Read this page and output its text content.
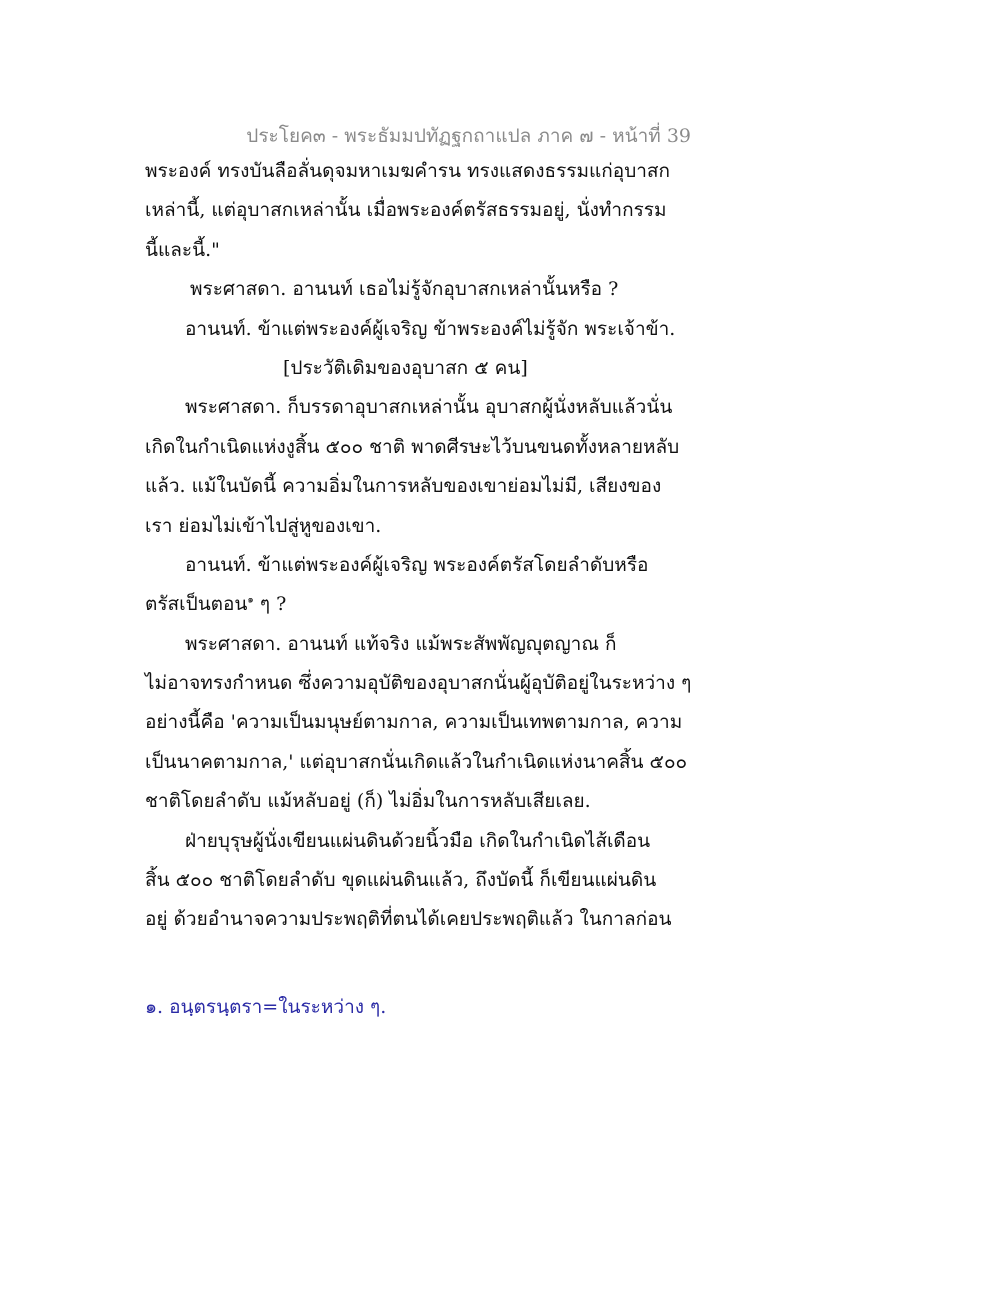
ประโยค๓ - พระธัมมปทัฏฐกถาแปล ภาค ๗ - หน้าที่ 39
พระองค์ ทรงบันลือลั่นดุจมหาเมฆคำรน ทรงแสดงธรรมแก่อุบาสก
เหล่านี้, แต่อุบาสกเหล่านั้น เมื่อพระองค์ตรัสธรรมอยู่, นั่งทำกรรม
นี้และนี้."
พระศาสดา. อานนท์ เธอไม่รู้จักอุบาสกเหล่านั้นหรือ ?
อานนท์. ข้าแต่พระองค์ผู้เจริญ ข้าพระองค์ไม่รู้จัก พระเจ้าข้า.
[ประวัติเดิมของอุบาสก ๕ คน]
พระศาสดา. ก็บรรดาอุบาสกเหล่านั้น อุบาสกผู้นั่งหลับแล้วนั่น
เกิดในกำเนิดแห่งงูสิ้น ๕๐๐ ชาติ พาดศีรษะไว้บนขนดทั้งหลายหลับ
แล้ว. แม้ในบัดนี้ ความอิ่มในการหลับของเขาย่อมไม่มี, เสียงของ
เรา ย่อมไม่เข้าไปสู่หูของเขา.
อานนท์. ข้าแต่พระองค์ผู้เจริญ พระองค์ตรัสโดยลำดับหรือ
ตรัสเป็นตอน$^๑$ ๆ ?
พระศาสดา. อานนท์ แท้จริง แม้พระสัพพัญญุตญาณ ก็
ไม่อาจทรงกำหนด ซึ่งความอุบัติของอุบาสกนั่นผู้อุบัติอยู่ในระหว่าง ๆ
อย่างนี้คือ 'ความเป็นมนุษย์ตามกาล, ความเป็นเทพตามกาล, ความ
เป็นนาคตามกาล,' แต่อุบาสกนั่นเกิดแล้วในกำเนิดแห่งนาคสิ้น ๕๐๐
ชาติโดยลำดับ แม้หลับอยู่ (ก็) ไม่อิ่มในการหลับเสียเลย.
ฝ่ายบุรุษผู้นั่งเขียนแผ่นดินด้วยนิ้วมือ เกิดในกำเนิดไส้เดือน
สิ้น ๕๐๐ ชาติโดยลำดับ ขุดแผ่นดินแล้ว, ถึงบัดนี้ ก็เขียนแผ่นดิน
อยู่ ด้วยอำนาจความประพฤติที่ตนได้เคยประพฤติแล้ว ในกาลก่อน
๑. อนฺตรนฺตรา=ในระหว่าง ๆ.
